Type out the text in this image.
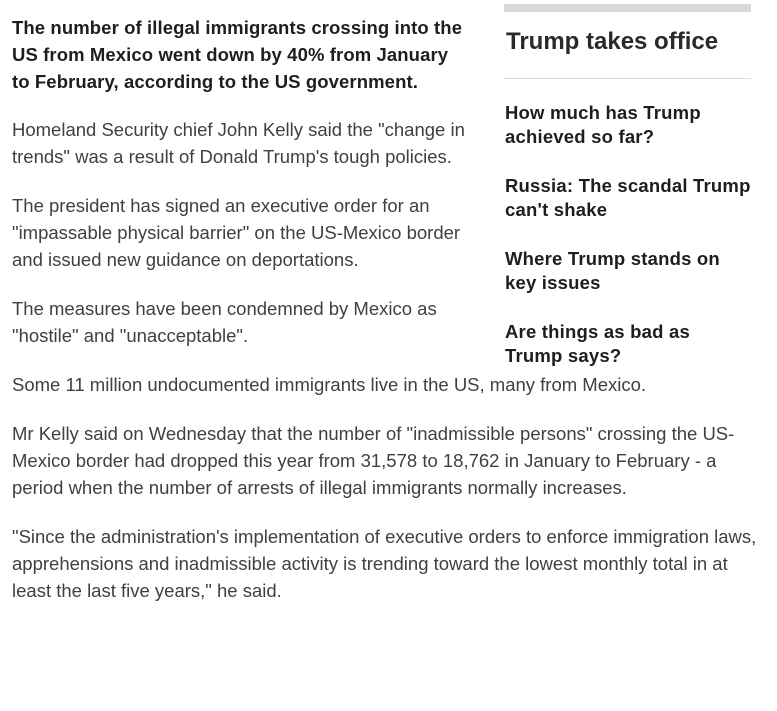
The number of illegal immigrants crossing into the US from Mexico went down by 40% from January to February, according to the US government.

Homeland Security chief John Kelly said the "change in trends" was a result of Donald Trump's tough policies.

The president has signed an executive order for an "impassable physical barrier" on the US-Mexico border and issued new guidance on deportations.

The measures have been condemned by Mexico as "hostile" and "unacceptable".

Some 11 million undocumented immigrants live in the US, many from Mexico.

Mr Kelly said on Wednesday that the number of "inadmissible persons" crossing the US-Mexico border had dropped this year from 31,578 to 18,762 in January to February - a period when the number of arrests of illegal immigrants normally increases.

"Since the administration's implementation of executive orders to enforce immigration laws, apprehensions and inadmissible activity is trending toward the lowest monthly total in at least the last five years," he said.

Trump takes office
How much has Trump achieved so far?
Russia: The scandal Trump can't shake
Where Trump stands on key issues
Are things as bad as Trump says?
